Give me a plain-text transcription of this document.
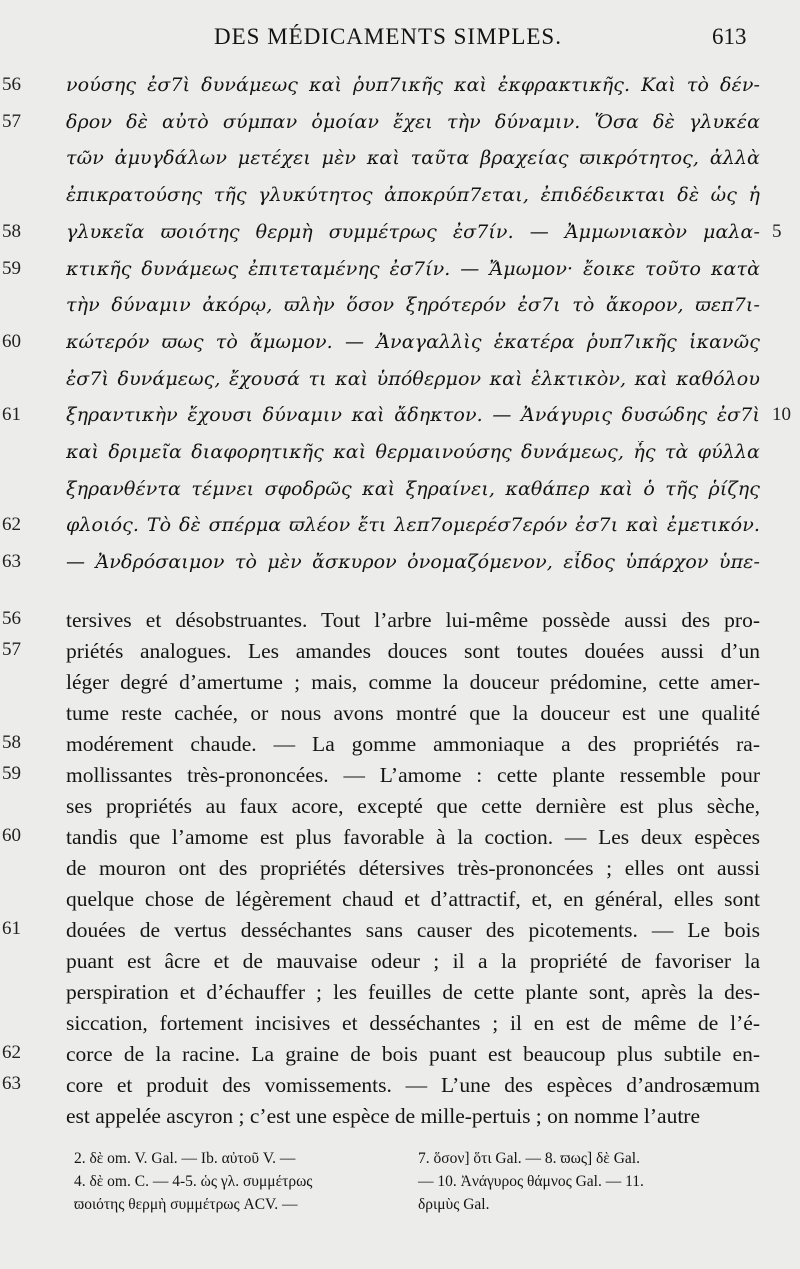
DES MÉDICAMENTS SIMPLES.	613
56	νούσης ἐσ7ὶ δυνάμεως καὶ ῥυπ7ικῆς καὶ ἐκφρακτικῆς. Καὶ τὸ δέν-
57	δρον δὲ αὐτὸ σύμπαν ὁμοίαν ἔχει τὴν δύναμιν. Ὅσα δὲ γλυκέα
τῶν ἀμυγδάλων μετέχει μὲν καὶ ταῦτα βραχείας ϖικρότητος, ἀλλὰ
ἐπικρατούσης τῆς γλυκύτητος ἀποκρύπ7εται, ἐπιδέδεικται δὲ ὡς ἡ
58	γλυκεῖα ϖοιότης θερμὴ συμμέτρως ἐσ7ίν. — Ἀμμωνιακὸν μαλα- 5
59	κτικῆς δυνάμεως ἐπιτεταμένης ἐσ7ίν. — Ἄμωμον· ἔοικε τοῦτο κατὰ
τὴν δύναμιν ἀκόρῳ, ϖλὴν ὅσον ξηρότερόν ἐσ7ι τὸ ἄκορον, ϖεπ7ι-
60	κώτερόν ϖως τὸ ἄμωμον. — Ἀναγαλλὶς ἑκατέρα ῥυπ7ικῆς ἱκανῶς
ἐσ7ὶ δυνάμεως, ἔχουσά τι καὶ ὑπόθερμον καὶ ἑλκτικὸν, καὶ καθόλου
61	ξηραντικὴν ἔχουσι δύναμιν καὶ ἄδηκτον. — Ἀνάγυρις δυσώδης ἐσ7ὶ 10
καὶ δριμεῖα διαφορητικῆς καὶ θερμαινούσης δυνάμεως, ἧς τὰ φύλλα
ξηρανθέντα τέμνει σφοδρῶς καὶ ξηραίνει, καθάπερ καὶ ὁ τῆς ῥίζης
62	φλοιός. Τὸ δὲ σπέρμα ϖλέον ἔτι λεπ7ομερέσ7ερόν ἐσ7ι καὶ ἐμετικόν.
63	— Ἀνδρόσαιμον τὸ μὲν ἄσκυρον ὀνομαζόμενον, εἶδος ὑπάρχον ὑπε-
56	tersives et désobstruantes. Tout l’arbre lui-même possède aussi des pro-
57	priétés analogues. Les amandes douces sont toutes douées aussi d’un
léger degré d’amertume ; mais, comme la douceur prédomine, cette amer-
tume reste cachée, or nous avons montré que la douceur est une qualité
58	modérement chaude. — La gomme ammoniaque a des propriétés ra-
59	mollissantes très-prononcées. — L’amome : cette plante ressemble pour
ses propriétés au faux acore, excepté que cette dernière est plus sèche,
60	tandis que l’amome est plus favorable à la coction. — Les deux espèces
de mouron ont des propriétés détersives très-prononcées ; elles ont aussi
quelque chose de légèrement chaud et d’attractif, et, en général, elles sont
61	douées de vertus desséchantes sans causer des picotements. — Le bois
puant est âcre et de mauvaise odeur ; il a la propriété de favoriser la
perspiration et d’échauffer ; les feuilles de cette plante sont, après la des-
siccation, fortement incisives et desséchantes ; il en est de même de l’é-
62	corce de la racine. La graine de bois puant est beaucoup plus subtile en-
63	core et produit des vomissements. — L’une des espèces d’androsæmum
est appelée ascyron ; c’est une espèce de mille-pertuis ; on nomme l’autre
2. δὲ om. V. Gal. — Ib. αὐτοῦ V. —	7. ὅσον] ὅτι Gal. — 8. ϖως] δὲ Gal.
4. δὲ om. C. — 4-5. ὡς γλ. συμμέτρως	— 10. Ἀνάγυρος θάμνος Gal. — 11.
ϖοιότης θερμὴ συμμέτρως ACV. —	δριμὺς Gal.
